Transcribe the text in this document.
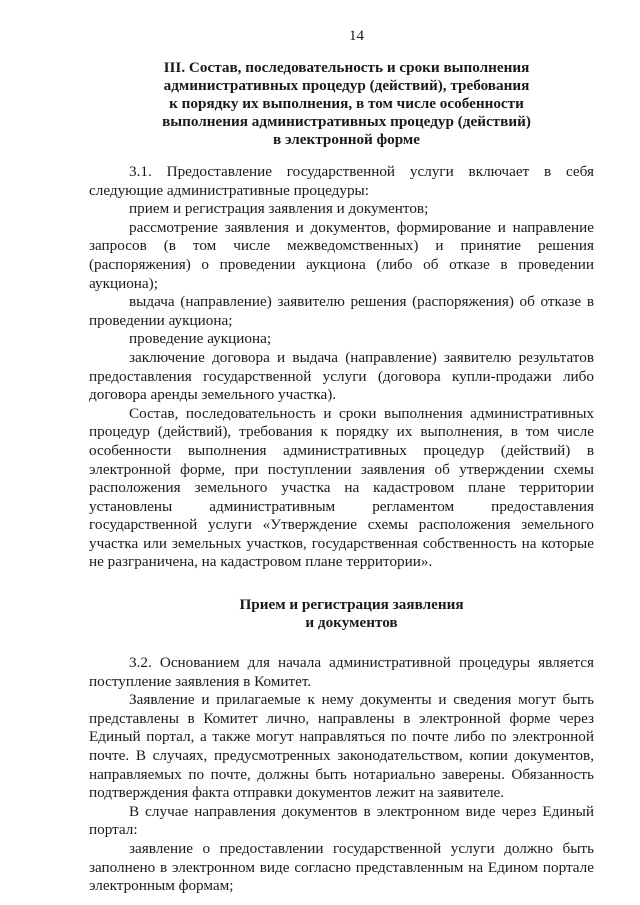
14
III. Состав, последовательность и сроки выполнения
административных процедур (действий), требования
к порядку их выполнения, в том числе особенности
выполнения административных процедур (действий)
в электронной форме

3.1. Предоставление государственной услуги включает в себя следующие административные процедуры:

прием и регистрация заявления и документов;

рассмотрение заявления и документов, формирование и направление запросов (в том числе межведомственных) и принятие решения (распоряжения) о проведении аукциона (либо об отказе в проведении аукциона);

выдача (направление) заявителю решения (распоряжения) об отказе в проведении аукциона;

проведение аукциона;

заключение договора и выдача (направление) заявителю результатов предоставления государственной услуги (договора купли-продажи либо договора аренды земельного участка).

Состав, последовательность и сроки выполнения административных процедур (действий), требования к порядку их выполнения, в том числе особенности выполнения административных процедур (действий) в электронной форме, при поступлении заявления об утверждении схемы расположения земельного участка на кадастровом плане территории установлены административным регламентом предоставления государственной услуги «Утверждение схемы расположения земельного участка или земельных участков, государственная собственность на которые не разграничена, на кадастровом плане территории».

Прием и регистрация заявления
и документов

3.2. Основанием для начала административной процедуры является поступление заявления в Комитет.

Заявление и прилагаемые к нему документы и сведения могут быть представлены в Комитет лично, направлены в электронной форме через Единый портал, а также могут направляться по почте либо по электронной почте. В случаях, предусмотренных законодательством, копии документов, направляемых по почте, должны быть нотариально заверены. Обязанность подтверждения факта отправки документов лежит на заявителе.

В случае направления документов в электронном виде через Единый портал:

заявление о предоставлении государственной услуги должно быть заполнено в электронном виде согласно представленным на Едином портале электронным формам;
